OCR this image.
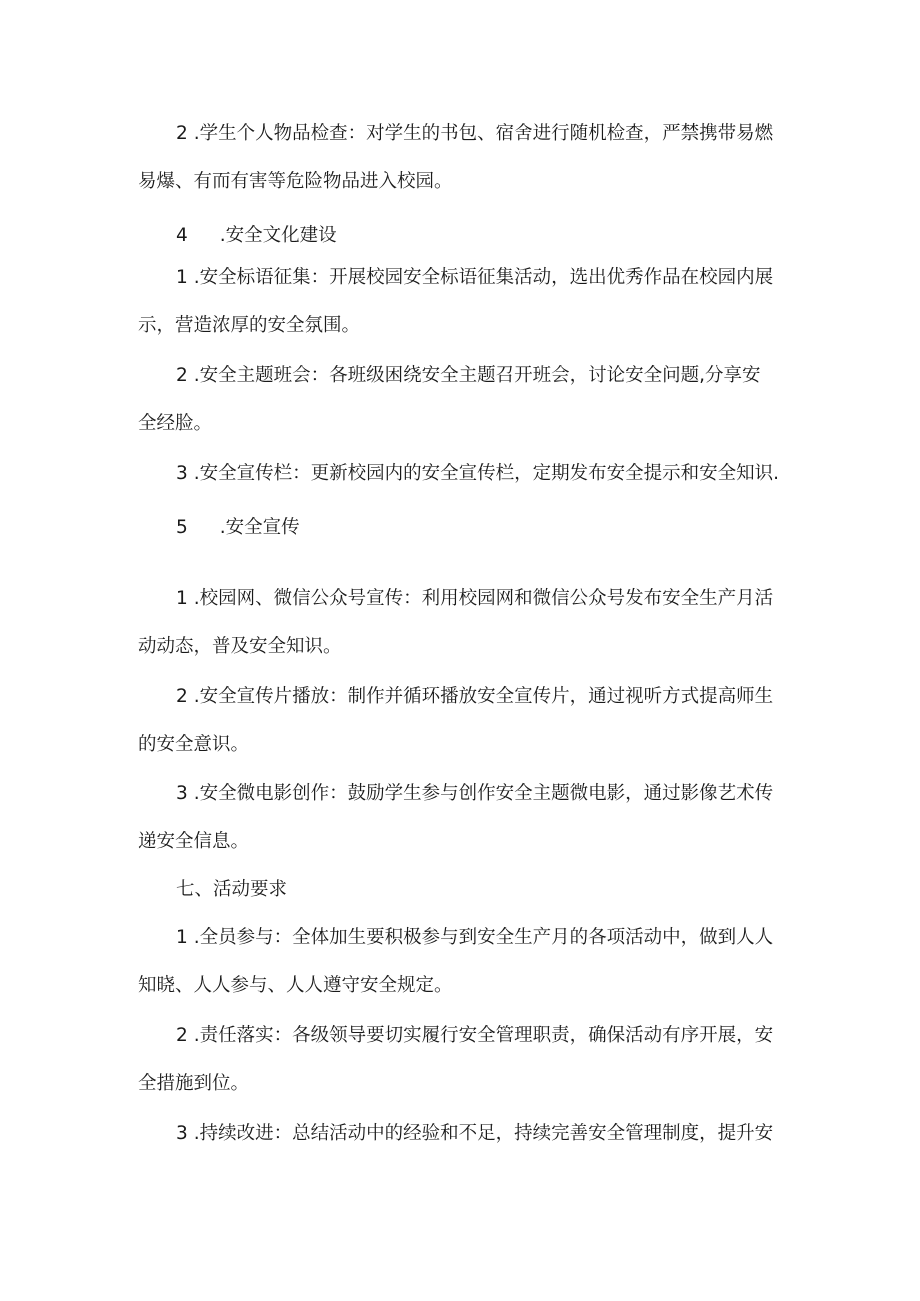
2 .学生个人物品检查：对学生的书包、宿舍进行随机检查，严禁携带易燃
易爆、有而有害等危险物品进入校园。
4 .安全文化建设
1 .安全标语征集：开展校园安全标语征集活动，选出优秀作品在校园内展
示，营造浓厚的安全氛围。
2 .安全主题班会：各班级困绕安全主题召开班会，讨论安全问题,分享安
全经脸。
3 .安全宣传栏：更新校园内的安全宣传栏，定期发布安全提示和安全知识.
5 .安全宣传
1 .校园网、微信公众号宣传：利用校园网和微信公众号发布安全生产月活
动动态，普及安全知识。
2 .安全宣传片播放：制作并循环播放安全宣传片，通过视听方式提高师生
的安全意识。
3 .安全微电影创作：鼓励学生参与创作安全主题微电影，通过影像艺术传
递安全信息。
七、活动要求
1 .全员参与：全体加生要积极参与到安全生产月的各项活动中，做到人人
知晓、人人参与、人人遵守安全规定。
2 .责任落实：各级领导要切实履行安全管理职责，确保活动有序开展，安
全措施到位。
3 .持续改进：总结活动中的经验和不足，持续完善安全管理制度，提升安
